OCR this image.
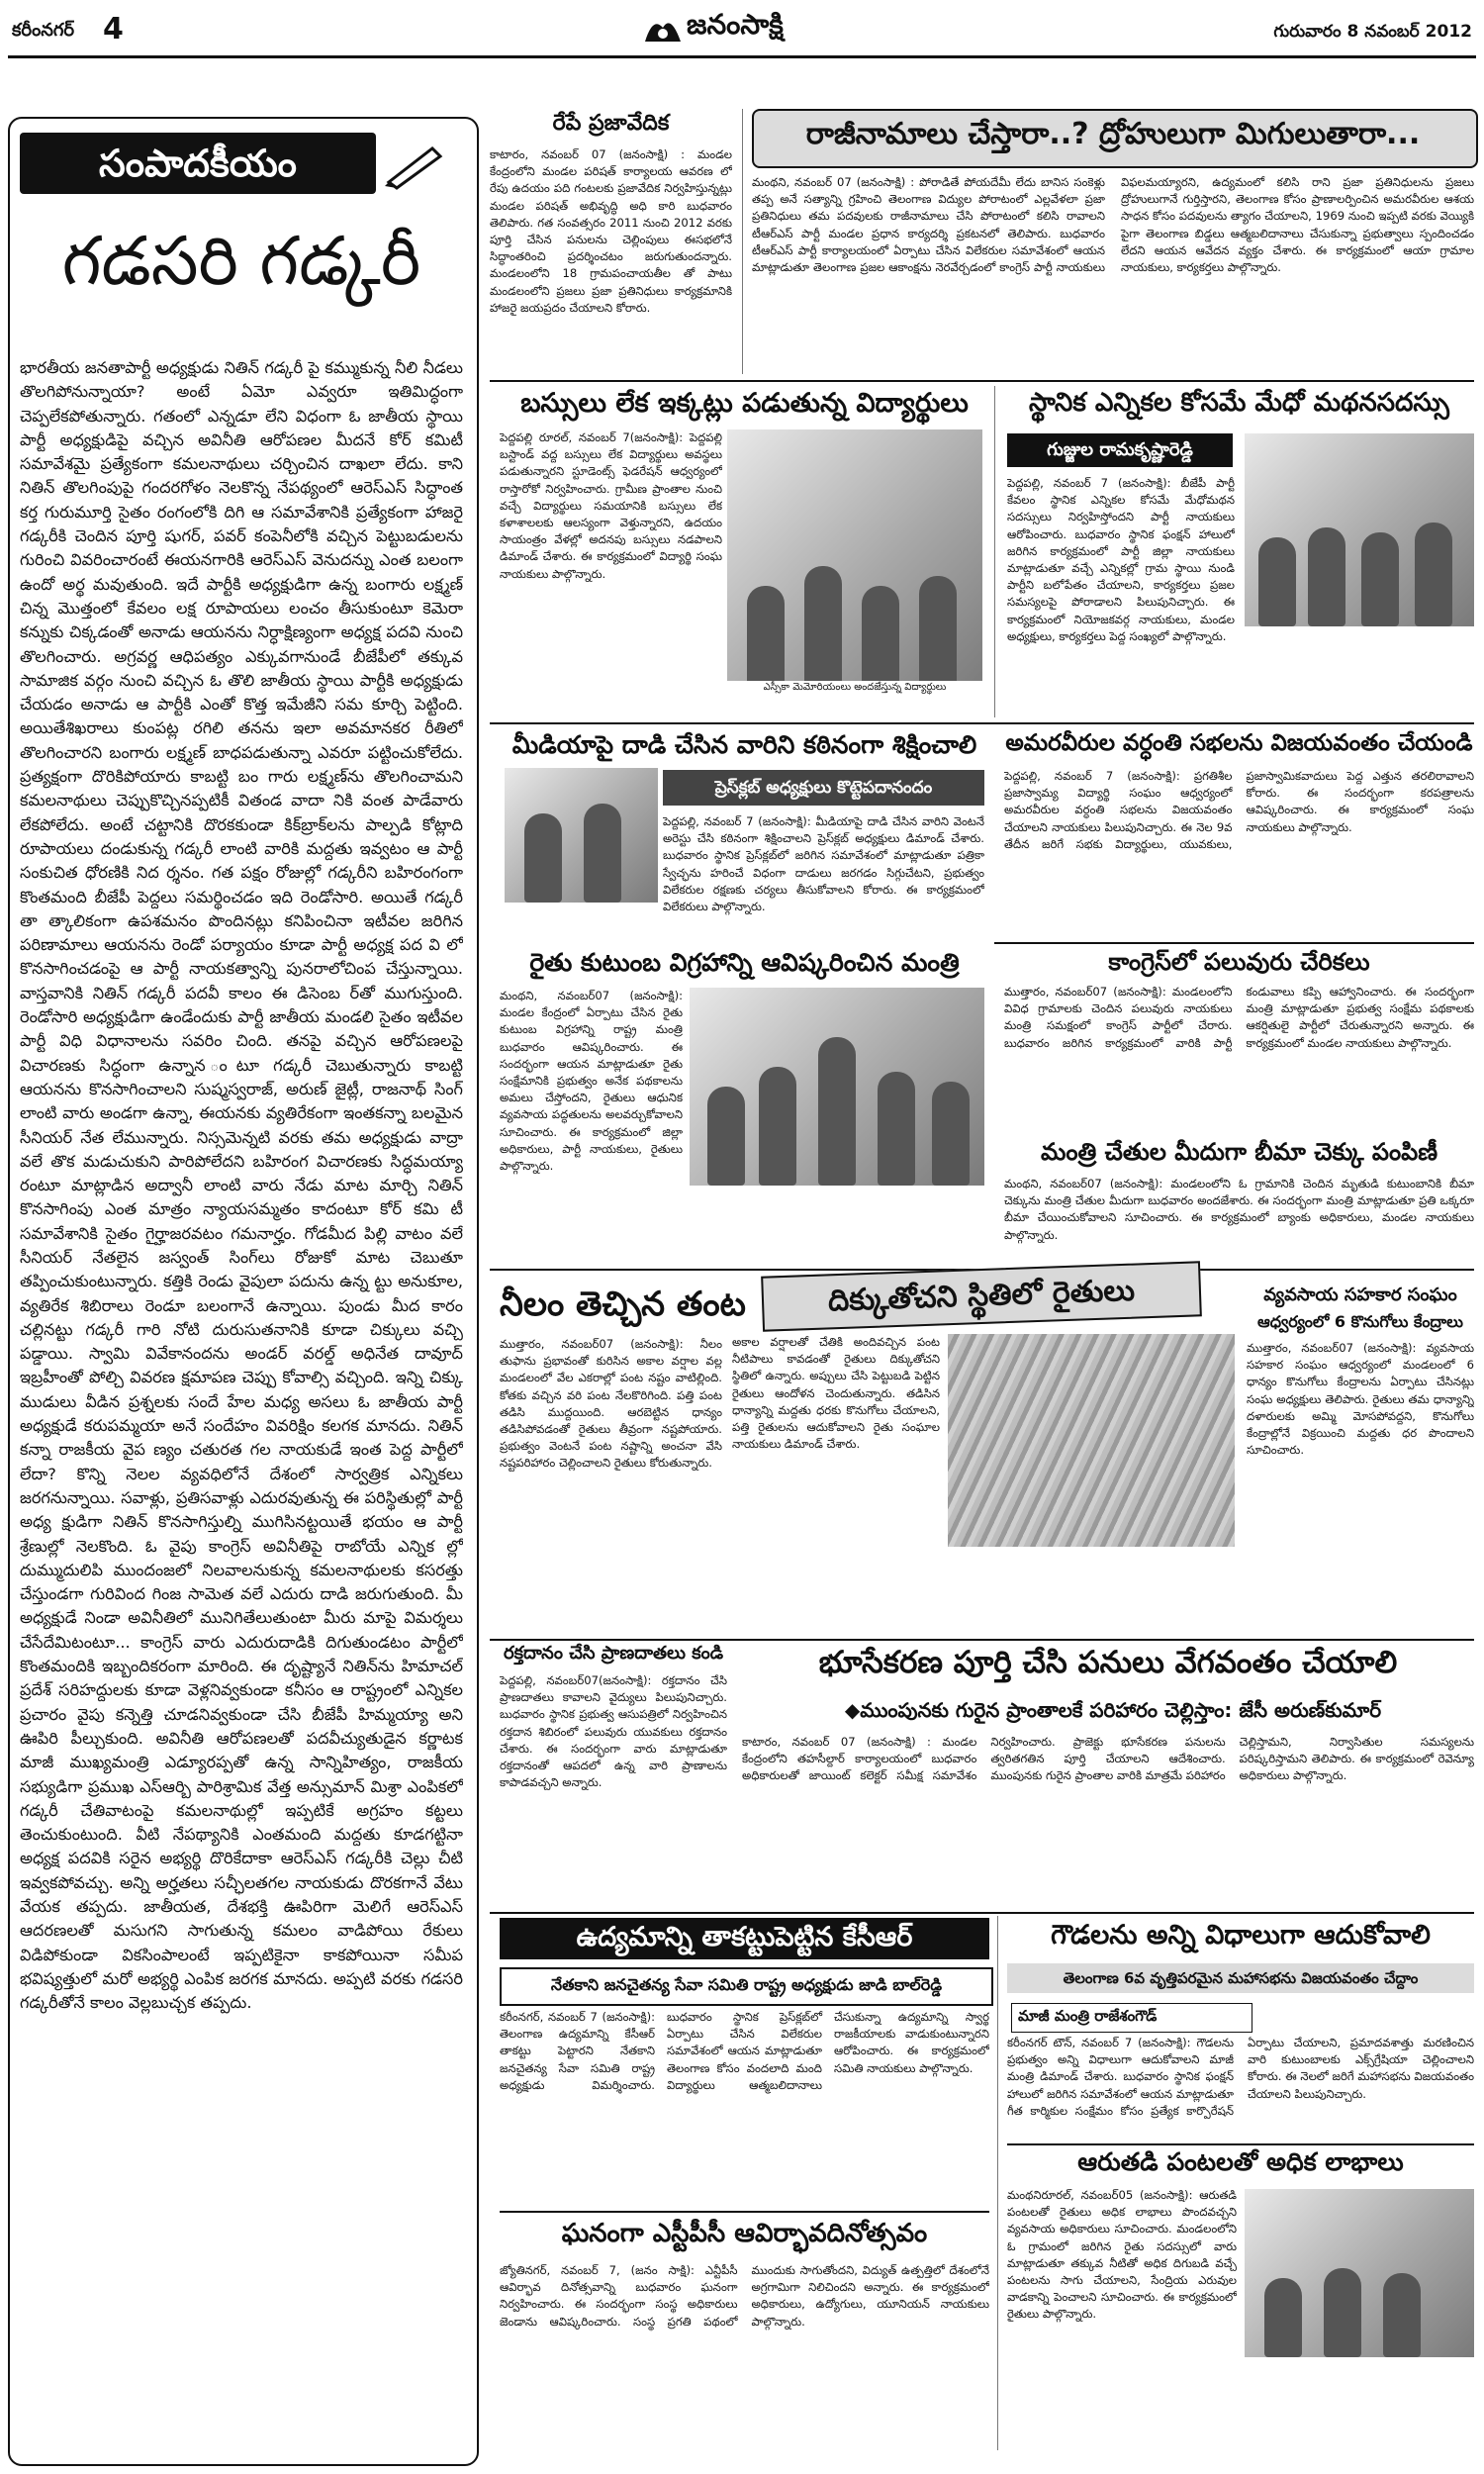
కరీంనగర్ 4	జనంసాక్షి	గురువారం 8 నవంబర్ 2012
సంపాదకీయం
గడసరి గడ్కరీ
భారతీయ జనతాపార్టీ అధ్యక్షుడు నితిన్ గడ్కరీ పై కమ్ముకున్న నీలి నీడలు తొలగిపోనున్నాయా? అంటే ఏమో ఎవ్వరూ ఇతిమిద్ధంగా చెప్పలేకపోతున్నారు. గతంలో ఎన్నడూ లేని విధంగా ఓ జాతీయ స్థాయి పార్టీ అధ్యక్షుడిపై వచ్చిన అవినీతి ఆరోపణల మీదనే కోర్ కమిటీ సమావేశమై ప్రత్యేకంగా కమలనాథులు చర్చించిన దాఖలా లేదు. కాని నితిన్ తొలగింపుపై గందరగోళం నెలకొన్న నేపథ్యంలో ఆరెస్ఎస్ సిద్ధాంత కర్త గురుమూర్తి సైతం రంగంలోకి దిగి ఆ సమావేశానికి ప్రత్యేకంగా హాజరై గడ్కరీకి చెందిన పూర్తి షుగర్, పవర్ కంపెనీలోకి వచ్చిన పెట్టుబడులను గురించి వివరించారంటే ఈయనగారికి ఆరెస్ఎస్ వెనుదన్ను ఎంత బలంగా ఉందో అర్థ మవుతుంది. ఇదే పార్టీకి అధ్యక్షుడిగా ఉన్న బంగారు లక్ష్మణ్ చిన్న మొత్తంలో కేవలం లక్ష రూపాయలు లంచం తీసుకుంటూ కెమెరా కన్నుకు చిక్కడంతో అనాడు ఆయనను నిర్ధాక్షిణ్యంగా అధ్యక్ష పదవి నుంచి తొలగించారు. అగ్రవర్ణ ఆధిపత్యం ఎక్కువగానుండే బీజేపీలో తక్కువ సామాజిక వర్గం నుంచి వచ్చిన ఓ తొలి జాతీయ స్థాయి పార్టీకి అధ్యక్షుడు చేయడం అనాడు ఆ పార్టీకి ఎంతో కొత్త ఇమేజీని సమ కూర్చి పెట్టింది. అయితేశిఖరాలు కుంపట్ల రగిలి తనను ఇలా అవమానకర రీతిలో తొలగించారని బంగారు లక్ష్మణ్ బాధపడుతున్నా ఎవరూ పట్టించుకోలేదు. ప్రత్యక్షంగా దొరికిపోయారు కాబట్టి బం గారు లక్ష్మణ్‌ను తొలగించామని కమలనాథులు చెప్పుకొచ్చినప్పటికీ వితండ వాదా నికి వంత పాడేవారు లేకపోలేదు. అంటే చట్టానికి దొరకకుండా కిక్‌బ్రాక్‌లను పాల్పడి కోట్లాది రూపాయలు దండుకున్న గడ్కరీ లాంటి వారికి మద్దతు ఇవ్వటం ఆ పార్టీ సంకుచిత ధోరణికి నిద ర్శనం. గత పక్షం రోజుల్లో గడ్కరీని బహిరంగంగా కొంతమంది బీజేపీ పెద్దలు సమర్థించడం ఇది రెండోసారి. అయితే గడ్కరీ తా త్కాలికంగా ఉపశమనం పొందినట్లు కనిపించినా ఇటీవల జరిగిన పరిణామాలు ఆయనను రెండో పర్యాయం కూడా పార్టీ అధ్యక్ష పద వి లో కొనసాగించడంపై ఆ పార్టీ నాయకత్వాన్ని పునరాలోచింప చేస్తున్నాయి. వాస్తవానికి నితిన్ గడ్కరీ పదవీ కాలం ఈ డిసెంబ ర్‌తో ముగుస్తుంది. రెండోసారి అధ్యక్షుడిగా ఉండేందుకు పార్టీ జాతీయ మండలి సైతం ఇటీవల పార్టీ విధి విధానాలను సవరిం చింది. తనపై వచ్చిన ఆరోపణలపై విచారణకు సిద్ధంగా ఉన్నాన ంటూ గడ్కరీ చెబుతున్నారు కాబట్టి ఆయనను కొనసాగించాలని సుష్మస్వరాజ్, అరుణ్ జైట్లీ, రాజనాథ్ సింగ్ లాంటి వారు అండగా ఉన్నా, ఈయనకు వ్యతిరేకంగా ఇంతకన్నా బలమైన సీనియర్ నేత లేమున్నారు. నిస్సమెన్నటి వరకు తమ అధ్యక్షుడు వాద్రా వలే తొక మడుచుకుని పారిపోలేదని బహిరంగ విచారణకు సిద్ధమయ్యా రంటూ మాట్లాడిన అద్వానీ లాంటి వారు నేడు మాట మార్చి నితిన్ కొనసాగింపు ఎంత మాత్రం న్యాయసమ్మతం కాదంటూ కోర్ కమి టీ సమావేశానికి సైతం గైర్హాజరవటం గమనార్హం. గోడమీద పిల్లి వాటం వలే సీనియర్ నేతలైన జస్వంత్ సింగ్‌లు రోజుకో మాట చెబుతూ తప్పించుకుంటున్నారు. కత్తికి రెండు వైపులా పదును ఉన్న ట్టు అనుకూల, వ్యతిరేక శిబిరాలు రెండూ బలంగానే ఉన్నాయి. పుండు మీద కారం చల్లినట్టు గడ్కరీ గారి నోటి దురుసుతనానికి కూడా చిక్కులు వచ్చి పడ్డాయి. స్వామి వివేకానందను అండర్ వరల్డ్ అధినేత దావూద్ ఇబ్రహీంతో పోల్చి వివరణ క్షమాపణ చెప్పు కోవాల్సి వచ్చింది. ఇన్ని చిక్కు ముడులు వీడిన ప్రశ్నలకు సందే హేల మధ్య అసలు ఓ జాతీయ పార్టీ అధ్యక్షుడే కరుపమ్మయా అనే సందేహం వివరిక్షిం కలగక మానదు. నితిన్ కన్నా రాజకీయ వైప ణ్యం చతురత గల నాయకుడే ఇంత పెద్ద పార్టీలో లేదా? కొన్ని నెలల వ్యవధిలోనే దేశంలో సార్వత్రిక ఎన్నికలు జరగనున్నాయి. సవాళ్లు, ప్రతిసవాళ్లు ఎదురవుతున్న ఈ పరిస్థితుల్లో పార్టీ అధ్య క్షుడిగా నితిన్ కొనసాగిస్తుల్ని ముగిసినట్టయితే భయం ఆ పార్టీ శ్రేణుల్లో నెలకొంది. ఓ వైపు కాంగ్రెస్ అవినీతిపై రాబోయే ఎన్నిక ల్లో దుమ్ముదులిపి ముందంజలో నిలవాలనుకున్న కమలనాథులకు కసరత్తు చేస్తుండగా గురివింద గింజ సామెత వలే ఎదురు దాడి జరుగుతుంది. మీ అధ్యక్షుడే నిండా అవినీతిలో మునిగితేలుతుంటా మీరు మాపై విమర్శలు చేసేదేమిటంటూ... కాంగ్రెస్ వారు ఎదురుదాడికి దిగుతుండటం పార్టీలో కొంతమందికి ఇబ్బందికరంగా మారింది. ఈ దృష్ట్యానే నితిన్‌ను హిమాచల్ ప్రదేశ్ సరిహద్దులకు కూడా వెళ్లనివ్వకుండా కనీసం ఆ రాష్ట్రంలో ఎన్నికల ప్రచారం వైపు కన్నెత్తి చూడనివ్వకుండా చేసి బీజేపీ హిమ్మయ్యా అని ఊపిరి పీల్చుకుంది. అవినీతి ఆరోపణలతో పదవీచ్యుతుడైన కర్ణాటక మాజీ ముఖ్యమంత్రి ఎడ్యూరప్పతో ఉన్న సాన్నిహిత్యం, రాజకీయ సభ్యుడిగా ప్రముఖ ఎస్ఆర్బి పారిశ్రామిక వేత్త అన్సుమాన్ మిశ్రా ఎంపికలో గడ్కరీ చేతివాటంపై కమలనాథుల్లో ఇప్పటికే అగ్రహం కట్టలు తెంచుకుంటుంది. వీటి నేపథ్యానికి ఎంతమంది మద్దతు కూడగట్టినా అధ్యక్ష పదవికి సరైన అభ్యర్థి దొరికేదాకా ఆరెస్ఎస్ గడ్కరీకి చెల్లు చీటి ఇవ్వకపోవచ్చు. అన్ని అర్హతలు సచ్ఛీలతగల నాయకుడు దొరకగానే వేటు వేయక తప్పదు. జాతీయత, దేశభక్తి ఊపిరిగా మెలిగే ఆరెస్ఎస్ ఆదరణలతో మసుగని సాగుతున్న కమలం వాడిపోయి రేకులు విడిపోకుండా వికసింపాలంటే ఇప్పటికైనా కాకపోయినా సమీప భవిష్యత్తులో మరో అభ్యర్థి ఎంపిక జరగక మానదు. అప్పటి వరకు గడసరి గడ్కరీతోనే కాలం వెల్లబుచ్చక తప్పదు.
రేపే ప్రజావేదిక
కాటారం, నవంబర్ 07 (జనంసాక్షి) : మండల కేంద్రంలోని మండల పరిషత్ కార్యాలయ ఆవరణ లో రేపు ఉదయం పది గంటలకు ప్రజావేదిక నిర్వహిస్తున్నట్లు మండల పరిషత్ అభివృద్ధి అధి కారి బుధవారం తెలిపారు. గత సంవత్సరం 2011 నుంచి 2012 వరకు పూర్తి చేసిన పనులను చెల్లింపులు ఈసభలోనే సిద్ధాంతరించి ప్రదర్శించటం జరుగుతుందన్నారు. మండలంలోని 18 గ్రామపంచాయతీల తో పాటు మండలంలోని ప్రజలు ప్రజా ప్రతినిధులు కార్యక్రమానికి హాజరై జయప్రదం చేయాలని కోరారు.
రాజీనామాలు చేస్తారా..? ద్రోహులుగా మిగులుతారా...
మంథని, నవంబర్ 07 (జనంసాక్షి) : పోరాడితే పోయదేమీ లేదు బానిస సంకెళ్లు తప్ప అనే సత్యాన్ని గ్రహించి తెలంగాణ విద్యుల పోరాటంలో ఎల్లవేళలా ప్రజా ప్రతినిధులు తమ పదవులకు రాజీనామాలు చేసి పోరాటంలో కలిసి రావాలని టీఆర్ఎస్ పార్టీ మండల ప్రధాన కార్యదర్శి ప్రకటనలో తెలిపారు. బుధవారం టీఆర్ఎస్ పార్టీ కార్యాలయంలో ఏర్పాటు చేసిన విలేకరుల సమావేశంలో ఆయన మాట్లాడుతూ తెలంగాణ ప్రజల ఆకాంక్షను నెరవేర్చడంలో కాంగ్రెస్ పార్టీ నాయకులు విఫలమయ్యారని, ఉద్యమంలో కలిసి రాని ప్రజా ప్రతినిధులను ప్రజలు ద్రోహులుగానే గుర్తిస్తారని, తెలంగాణ కోసం ప్రాణాలర్పించిన అమరవీరుల ఆశయ సాధన కోసం పదవులను త్యాగం చేయాలని, 1969 నుంచి ఇప్పటి వరకు వెయ్యికి పైగా తెలంగాణ బిడ్డలు ఆత్మబలిదానాలు చేసుకున్నా ప్రభుత్వాలు స్పందించడం లేదని ఆయన ఆవేదన వ్యక్తం చేశారు. ఈ కార్యక్రమంలో ఆయా గ్రామాల నాయకులు, కార్యకర్తలు పాల్గొన్నారు.
బస్సులు లేక ఇక్కట్లు పడుతున్న విద్యార్థులు
పెద్దపల్లి రూరల్, నవంబర్ 7(జనంసాక్షి): పెద్దపల్లి బస్టాండ్ వద్ద బస్సులు లేక విద్యార్థులు అవస్థలు పడుతున్నారని స్టూడెంట్స్ ఫెడరేషన్ ఆధ్వర్యంలో రాస్తారోకో నిర్వహించారు. గ్రామీణ ప్రాంతాల నుంచి వచ్చే విద్యార్థులు సమయానికి బస్సులు లేక కళాశాలలకు ఆలస్యంగా వెళ్తున్నారని, ఉదయం సాయంత్రం వేళల్లో అదనపు బస్సులు నడపాలని డిమాండ్ చేశారు. ఈ కార్యక్రమంలో విద్యార్థి సంఘ నాయకులు పాల్గొన్నారు.
ఎస్సీకా మెమోరియంలు అందజేస్తున్న విద్యార్థులు
స్థానిక ఎన్నికల కోసమే మేధో మథనసదస్సు
గుజ్జుల రామకృష్ణారెడ్డి
పెద్దపల్లి, నవంబర్ 7 (జనంసాక్షి): బీజేపీ పార్టీ కేవలం స్థానిక ఎన్నికల కోసమే మేధోమథన సదస్సులు నిర్వహిస్తోందని పార్టీ నాయకులు ఆరోపించారు. బుధవారం స్థానిక ఫంక్షన్ హాలులో జరిగిన కార్యక్రమంలో పార్టీ జిల్లా నాయకులు మాట్లాడుతూ వచ్చే ఎన్నికల్లో గ్రామ స్థాయి నుండి పార్టీని బలోపేతం చేయాలని, కార్యకర్తలు ప్రజల సమస్యలపై పోరాడాలని పిలుపునిచ్చారు. ఈ కార్యక్రమంలో నియోజకవర్గ నాయకులు, మండల అధ్యక్షులు, కార్యకర్తలు పెద్ద సంఖ్యలో పాల్గొన్నారు.
మీడియాపై దాడి చేసిన వారిని కఠినంగా శిక్షించాలి
ప్రెస్‌క్లబ్ అధ్యక్షులు కొట్టెపదానందం
పెద్దపల్లి, నవంబర్ 7 (జనంసాక్షి): మీడియాపై దాడి చేసిన వారిని వెంటనే అరెస్టు చేసి కఠినంగా శిక్షించాలని ప్రెస్‌క్లబ్ అధ్యక్షులు డిమాండ్ చేశారు. బుధవారం స్థానిక ప్రెస్‌క్లబ్‌లో జరిగిన సమావేశంలో మాట్లాడుతూ పత్రికా స్వేచ్ఛను హరించే విధంగా దాడులు జరగడం సిగ్గుచేటని, ప్రభుత్వం విలేకరుల రక్షణకు చర్యలు తీసుకోవాలని కోరారు. ఈ కార్యక్రమంలో విలేకరులు పాల్గొన్నారు.
అమరవీరుల వర్ధంతి సభలను విజయవంతం చేయండి
పెద్దపల్లి, నవంబర్ 7 (జనంసాక్షి): ప్రగతిశీల ప్రజాస్వామ్య విద్యార్థి సంఘం ఆధ్వర్యంలో అమరవీరుల వర్ధంతి సభలను విజయవంతం చేయాలని నాయకులు పిలుపునిచ్చారు. ఈ నెల 9వ తేదీన జరిగే సభకు విద్యార్థులు, యువకులు, ప్రజాస్వామికవాదులు పెద్ద ఎత్తున తరలిరావాలని కోరారు. ఈ సందర్భంగా కరపత్రాలను ఆవిష్కరించారు. ఈ కార్యక్రమంలో సంఘ నాయకులు పాల్గొన్నారు.
రైతు కుటుంబ విగ్రహాన్ని ఆవిష్కరించిన మంత్రి
మంథని, నవంబర్07 (జనంసాక్షి): మండల కేంద్రంలో ఏర్పాటు చేసిన రైతు కుటుంబ విగ్రహాన్ని రాష్ట్ర మంత్రి బుధవారం ఆవిష్కరించారు. ఈ సందర్భంగా ఆయన మాట్లాడుతూ రైతు సంక్షేమానికి ప్రభుత్వం అనేక పథకాలను అమలు చేస్తోందని, రైతులు ఆధునిక వ్యవసాయ పద్ధతులను అలవర్చుకోవాలని సూచించారు. ఈ కార్యక్రమంలో జిల్లా అధికారులు, పార్టీ నాయకులు, రైతులు పాల్గొన్నారు.
కాంగ్రెస్‌లో పలువురు చేరికలు
ముత్తారం, నవంబర్07 (జనంసాక్షి): మండలంలోని వివిధ గ్రామాలకు చెందిన పలువురు నాయకులు మంత్రి సమక్షంలో కాంగ్రెస్ పార్టీలో చేరారు. బుధవారం జరిగిన కార్యక్రమంలో వారికి పార్టీ కండువాలు కప్పి ఆహ్వానించారు. ఈ సందర్భంగా మంత్రి మాట్లాడుతూ ప్రభుత్వ సంక్షేమ పథకాలకు ఆకర్షితులై పార్టీలో చేరుతున్నారని అన్నారు. ఈ కార్యక్రమంలో మండల నాయకులు పాల్గొన్నారు.
మంత్రి చేతుల మీదుగా బీమా చెక్కు పంపిణీ
మంథని, నవంబర్07 (జనంసాక్షి): మండలంలోని ఓ గ్రామానికి చెందిన మృతుడి కుటుంబానికి బీమా చెక్కును మంత్రి చేతుల మీదుగా బుధవారం అందజేశారు. ఈ సందర్భంగా మంత్రి మాట్లాడుతూ ప్రతి ఒక్కరూ బీమా చేయించుకోవాలని సూచించారు. ఈ కార్యక్రమంలో బ్యాంకు అధికారులు, మండల నాయకులు పాల్గొన్నారు.
నీలం తెచ్చిన తంట
ముత్తారం, నవంబర్07 (జనంసాక్షి): నీలం తుఫాను ప్రభావంతో కురిసిన అకాల వర్షాల వల్ల మండలంలో వేల ఎకరాల్లో పంట నష్టం వాటిల్లింది. కోతకు వచ్చిన వరి పంట నేలకొరిగింది. పత్తి పంట తడిసి ముద్దయింది. ఆరబెట్టిన ధాన్యం తడిసిపోవడంతో రైతులు తీవ్రంగా నష్టపోయారు. ప్రభుత్వం వెంటనే పంట నష్టాన్ని అంచనా వేసి నష్టపరిహారం చెల్లించాలని రైతులు కోరుతున్నారు.
దిక్కుతోచని స్థితిలో రైతులు
అకాల వర్షాలతో చేతికి అందివచ్చిన పంట నీటిపాలు కావడంతో రైతులు దిక్కుతోచని స్థితిలో ఉన్నారు. అప్పులు చేసి పెట్టుబడి పెట్టిన రైతులు ఆందోళన చెందుతున్నారు. తడిసిన ధాన్యాన్ని మద్దతు ధరకు కొనుగోలు చేయాలని, పత్తి రైతులను ఆదుకోవాలని రైతు సంఘాల నాయకులు డిమాండ్ చేశారు.
వ్యవసాయ సహకార సంఘం
ఆధ్వర్యంలో 6 కొనుగోలు కేంద్రాలు
ముత్తారం, నవంబర్07 (జనంసాక్షి): వ్యవసాయ సహకార సంఘం ఆధ్వర్యంలో మండలంలో 6 ధాన్యం కొనుగోలు కేంద్రాలను ఏర్పాటు చేసినట్లు సంఘ అధ్యక్షులు తెలిపారు. రైతులు తమ ధాన్యాన్ని దళారులకు అమ్మి మోసపోవద్దని, కొనుగోలు కేంద్రాల్లోనే విక్రయించి మద్దతు ధర పొందాలని సూచించారు.
రక్తదానం చేసి ప్రాణదాతలు కండి
పెద్దపల్లి, నవంబర్07(జనంసాక్షి): రక్తదానం చేసి ప్రాణదాతలు కావాలని వైద్యులు పిలుపునిచ్చారు. బుధవారం స్థానిక ప్రభుత్వ ఆసుపత్రిలో నిర్వహించిన రక్తదాన శిబిరంలో పలువురు యువకులు రక్తదానం చేశారు. ఈ సందర్భంగా వారు మాట్లాడుతూ రక్తదానంతో ఆపదలో ఉన్న వారి ప్రాణాలను కాపాడవచ్చని అన్నారు.
భూసేకరణ పూర్తి చేసి పనులు వేగవంతం చేయాలి
◆ముంపునకు గురైన ప్రాంతాలకే పరిహారం చెల్లిస్తాం: జేసీ అరుణ్‌కుమార్
కాటారం, నవంబర్ 07 (జనంసాక్షి) : మండల కేంద్రంలోని తహసీల్దార్ కార్యాలయంలో బుధవారం అధికారులతో జాయింట్ కలెక్టర్ సమీక్ష సమావేశం నిర్వహించారు. ప్రాజెక్టు భూసేకరణ పనులను త్వరితగతిన పూర్తి చేయాలని ఆదేశించారు. ముంపునకు గురైన ప్రాంతాల వారికి మాత్రమే పరిహారం చెల్లిస్తామని, నిర్వాసితుల సమస్యలను పరిష్కరిస్తామని తెలిపారు. ఈ కార్యక్రమంలో రెవెన్యూ అధికారులు పాల్గొన్నారు.
ఉద్యమాన్ని తాకట్టుపెట్టిన కేసీఆర్
నేతకాని జనచైతన్య సేవా సమితి రాష్ట్ర అధ్యక్షుడు జాడి బాల్‌రెడ్డి
కరీంనగర్, నవంబర్ 7 (జనంసాక్షి): తెలంగాణ ఉద్యమాన్ని కేసీఆర్ తాకట్టు పెట్టారని నేతకాని జనచైతన్య సేవా సమితి రాష్ట్ర అధ్యక్షుడు విమర్శించారు. బుధవారం స్థానిక ప్రెస్‌క్లబ్‌లో ఏర్పాటు చేసిన విలేకరుల సమావేశంలో ఆయన మాట్లాడుతూ తెలంగాణ కోసం వందలాది మంది విద్యార్థులు ఆత్మబలిదానాలు చేసుకున్నా ఉద్యమాన్ని స్వార్థ రాజకీయాలకు వాడుకుంటున్నారని ఆరోపించారు. ఈ కార్యక్రమంలో సమితి నాయకులు పాల్గొన్నారు.
ఘనంగా ఎస్టీపీసీ ఆవిర్భావదినోత్సవం
జ్యోతినగర్, నవంబర్ 7, (జనం సాక్షి): ఎన్టీపీసీ ఆవిర్భావ దినోత్సవాన్ని బుధవారం ఘనంగా నిర్వహించారు. ఈ సందర్భంగా సంస్థ అధికారులు జెండాను ఆవిష్కరించారు. సంస్థ ప్రగతి పథంలో ముందుకు సాగుతోందని, విద్యుత్ ఉత్పత్తిలో దేశంలోనే అగ్రగామిగా నిలిచిందని అన్నారు. ఈ కార్యక్రమంలో అధికారులు, ఉద్యోగులు, యూనియన్ నాయకులు పాల్గొన్నారు.
గౌడలను అన్ని విధాలుగా ఆదుకోవాలి
తెలంగాణ 6వ వృత్తిపరమైన మహాసభను విజయవంతం చేద్దాం
మాజీ మంత్రి రాజేశంగౌడ్
కరీంనగర్ టౌన్, నవంబర్ 7 (జనంసాక్షి): గౌడలను ప్రభుత్వం అన్ని విధాలుగా ఆదుకోవాలని మాజీ మంత్రి డిమాండ్ చేశారు. బుధవారం స్థానిక ఫంక్షన్ హాలులో జరిగిన సమావేశంలో ఆయన మాట్లాడుతూ గీత కార్మికుల సంక్షేమం కోసం ప్రత్యేక కార్పొరేషన్ ఏర్పాటు చేయాలని, ప్రమాదవశాత్తు మరణించిన వారి కుటుంబాలకు ఎక్స్‌గ్రేషియా చెల్లించాలని కోరారు. ఈ నెలలో జరిగే మహాసభను విజయవంతం చేయాలని పిలుపునిచ్చారు.
ఆరుతడి పంటలతో అధిక లాభాలు
మంథనిరూరల్, నవంబర్05 (జనంసాక్షి): ఆరుతడి పంటలతో రైతులు అధిక లాభాలు పొందవచ్చని వ్యవసాయ అధికారులు సూచించారు. మండలంలోని ఓ గ్రామంలో జరిగిన రైతు సదస్సులో వారు మాట్లాడుతూ తక్కువ నీటితో అధిక దిగుబడి వచ్చే పంటలను సాగు చేయాలని, సేంద్రియ ఎరువుల వాడకాన్ని పెంచాలని సూచించారు. ఈ కార్యక్రమంలో రైతులు పాల్గొన్నారు.
